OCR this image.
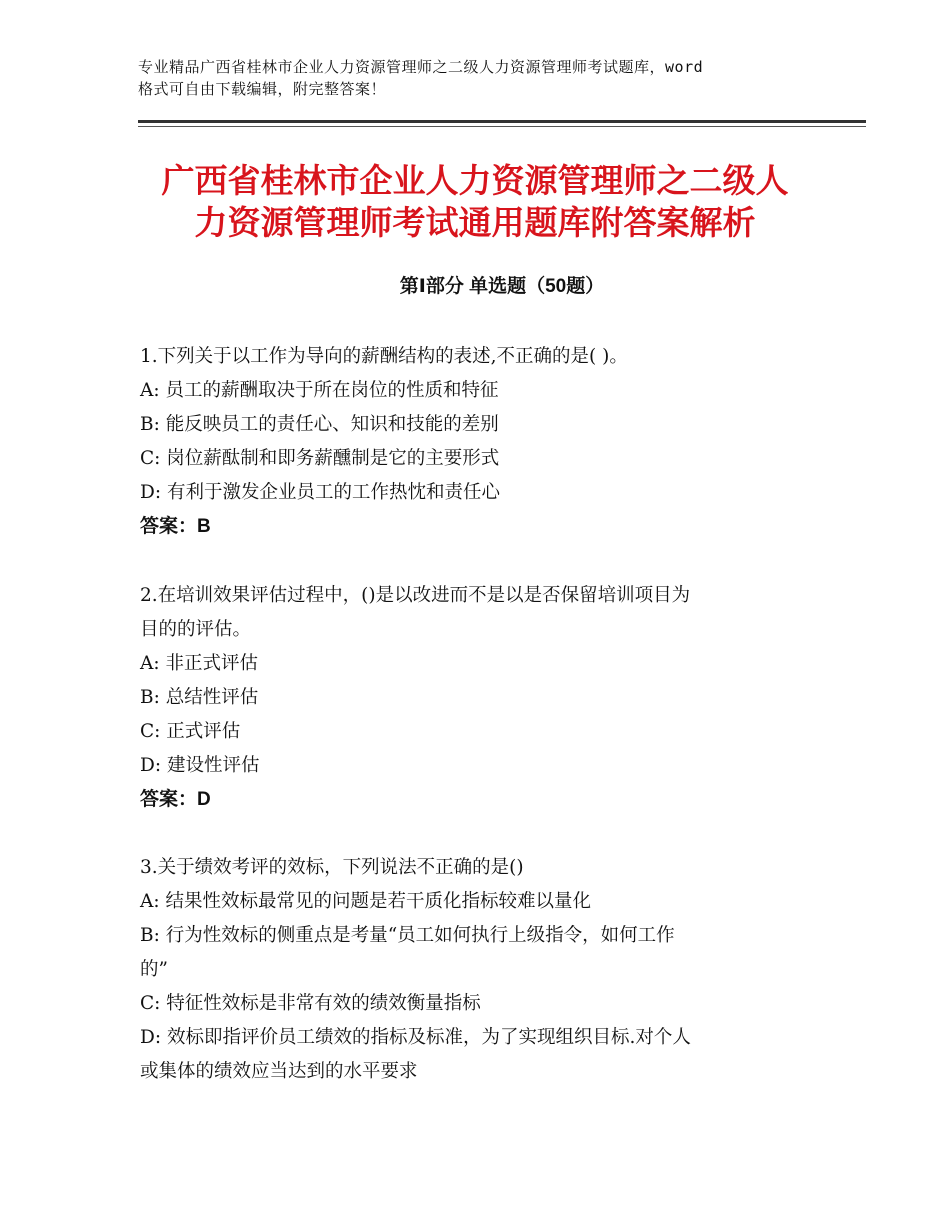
专业精品广西省桂林市企业人力资源管理师之二级人力资源管理师考试题库，word
格式可自由下载编辑，附完整答案！
广西省桂林市企业人力资源管理师之二级人
力资源管理师考试通用题库附答案解析
第Ⅰ部分 单选题（50题）
1.下列关于以工作为导向的薪酬结构的表述,不正确的是( )。
A: 员工的薪酬取决于所在岗位的性质和特征
B: 能反映员工的责任心、知识和技能的差别
C: 岗位薪酞制和即务薪醺制是它的主要形式
D: 有利于激发企业员工的工作热忱和责任心
答案：B
2.在培训效果评估过程中，()是以改进而不是以是否保留培训项目为
目的的评估。
A: 非正式评估
B: 总结性评估
C: 正式评估
D: 建设性评估
答案：D
3.关于绩效考评的效标，下列说法不正确的是()
A: 结果性效标最常见的问题是若干质化指标较难以量化
B: 行为性效标的侧重点是考量“员工如何执行上级指令，如何工作
的”
C: 特征性效标是非常有效的绩效衡量指标
D: 效标即指评价员工绩效的指标及标准，为了实现组织目标.对个人
或集体的绩效应当达到的水平要求
